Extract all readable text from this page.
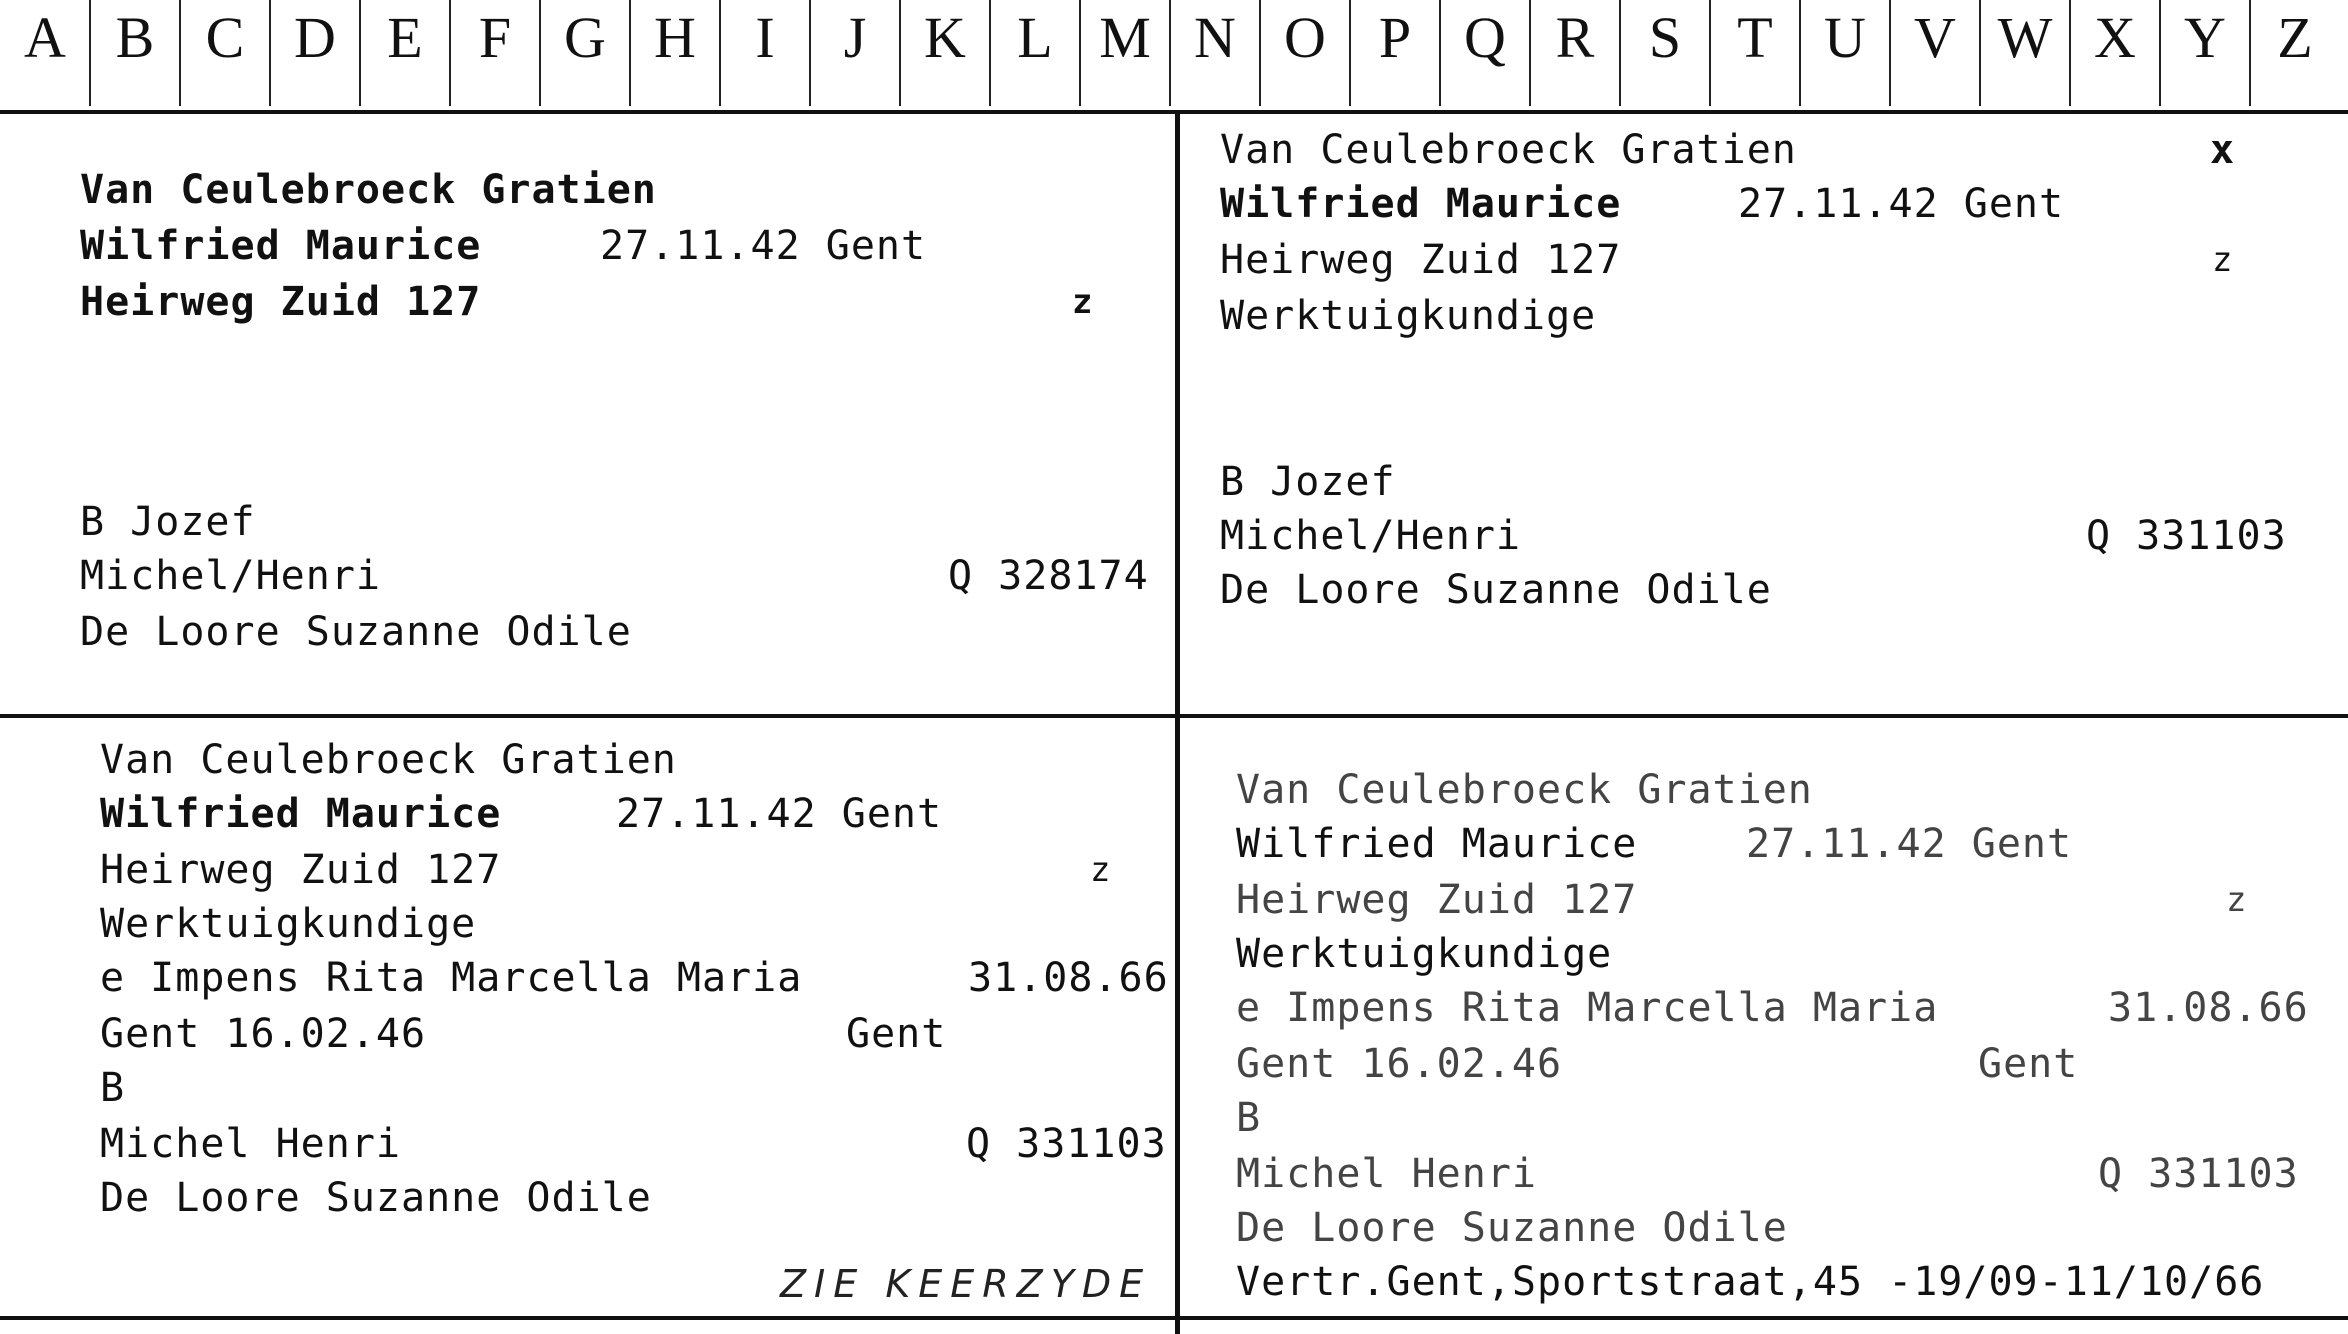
A B C D E F G H	I	J K L M N O P Q R S T U V W X Y Z
Van Ceulebroeck Gratien
Wilfried Maurice	27.11.42 Gent
Heirweg Zuid 127	z
B Jozef
Michel/Henri	Q 328174
De Loore Suzanne Odile
Van Ceulebroeck Gratien	x
Wilfried Maurice	27.11.42 Gent
Heirweg Zuid 127	z
Werktuigkundige
B Jozef
Michel/Henri	Q 331103
De Loore Suzanne Odile
Van Ceulebroeck Gratien
Wilfried Maurice	27.11.42 Gent
Heirweg Zuid 127	z
Werktuigkundige
e Impens Rita Marcella Maria	31.08.66
Gent 16.02.46	Gent
B
Michel Henri	Q 331103
De Loore Suzanne Odile
ZIE KEERZYDE
Van Ceulebroeck Gratien
Wilfried Maurice	27.11.42 Gent
Heirweg Zuid 127	z
Werktuigkundige
e Impens Rita Marcella Maria	31.08.66
Gent 16.02.46	Gent
B
Michel Henri	Q 331103
De Loore Suzanne Odile
Vertr.Gent,Sportstraat,45 -19/09-11/10/66
